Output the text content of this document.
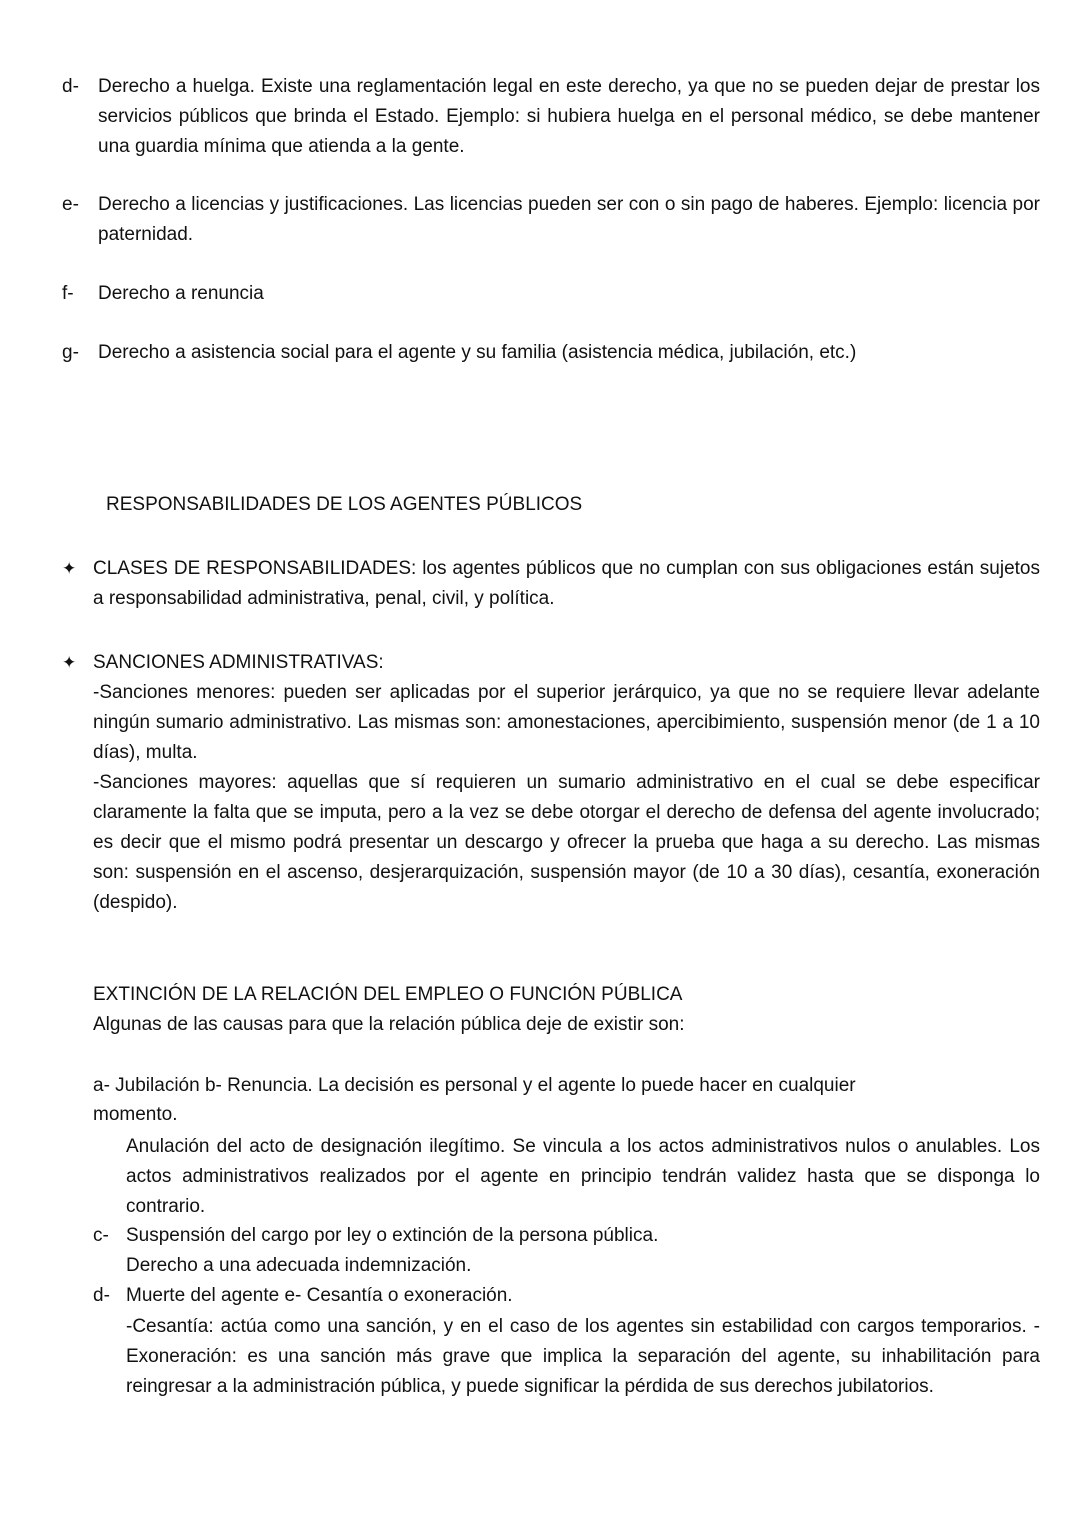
d-	Derecho a huelga. Existe una reglamentación legal en este derecho, ya que no se pueden dejar de prestar los servicios públicos que brinda el Estado. Ejemplo: si hubiera huelga en el personal médico, se debe mantener una guardia mínima que atienda a la gente.

e-	Derecho a licencias y justificaciones. Las licencias pueden ser con o sin pago de haberes. Ejemplo: licencia por paternidad.

f-	Derecho a renuncia

g-	Derecho a asistencia social para el agente y su familia (asistencia médica, jubilación, etc.)

RESPONSABILIDADES DE LOS AGENTES PÚBLICOS
✦ CLASES DE RESPONSABILIDADES: los agentes públicos que no cumplan con sus obligaciones están sujetos a responsabilidad administrativa, penal, civil, y política.

✦ SANCIONES ADMINISTRATIVAS:

-Sanciones menores: pueden ser aplicadas por el superior jerárquico, ya que no se requiere llevar adelante ningún sumario administrativo. Las mismas son: amonestaciones, apercibimiento, suspensión menor (de 1 a 10 días), multa.

-Sanciones mayores: aquellas que sí requieren un sumario administrativo en el cual se debe especificar claramente la falta que se imputa, pero a la vez se debe otorgar el derecho de defensa del agente involucrado; es decir que el mismo podrá presentar un descargo y ofrecer la prueba que haga a su derecho. Las mismas son: suspensión en el ascenso, desjerarquización, suspensión mayor (de 10 a 30 días), cesantía, exoneración (despido).

EXTINCIÓN DE LA RELACIÓN DEL EMPLEO O FUNCIÓN PÚBLICA
Algunas de las causas para que la relación pública deje de existir son:
a- Jubilación b- Renuncia. La decisión es personal y el agente lo puede hacer en cualquier
momento.
Anulación del acto de designación ilegítimo. Se vincula a los actos administrativos nulos o anulables. Los actos administrativos realizados por el agente en principio tendrán validez hasta que se disponga lo contrario.
c- Suspensión del cargo por ley o extinción de la persona pública.
Derecho a una adecuada indemnización.
d- Muerte del agente e- Cesantía o exoneración.
-Cesantía: actúa como una sanción, y en el caso de los agentes sin estabilidad con cargos temporarios. - Exoneración: es una sanción más grave que implica la separación del agente, su inhabilitación para reingresar a la administración pública, y puede significar la pérdida de sus derechos jubilatorios.
